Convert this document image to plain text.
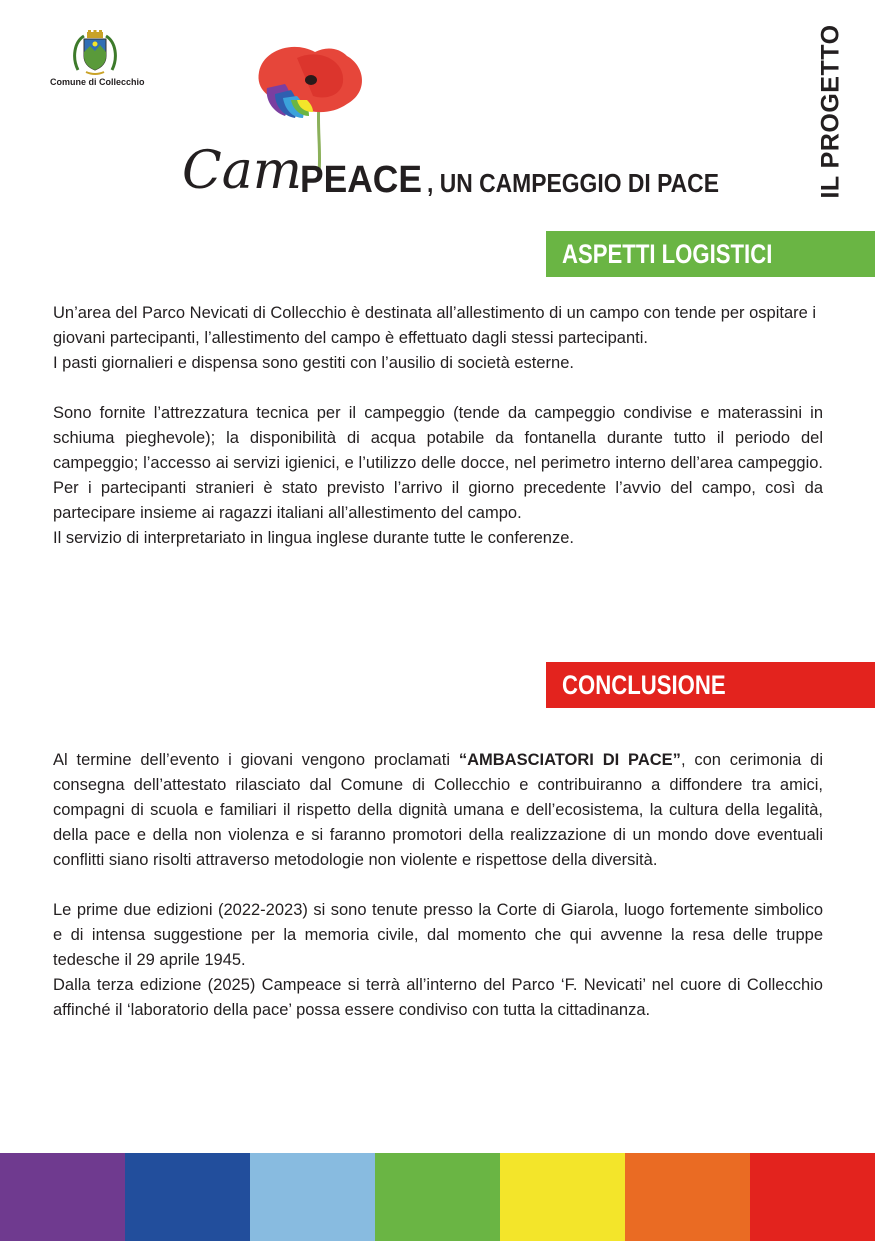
Comune di Collecchio	IL PROGETTO
Cam
PEACE , UN CAMPEGGIO DI PACE
ASPETTI LOGISTICI

Un’area del Parco Nevicati di Collecchio è destinata all’allestimento di un campo con tende per ospitare i giovani partecipanti, l’allestimento del campo è effettuato dagli stessi partecipanti.

I pasti giornalieri e dispensa sono gestiti con l’ausilio di società esterne.

Sono fornite l’attrezzatura tecnica per il campeggio (tende da campeggio condivise e materassini in schiuma pieghevole); la disponibilità di acqua potabile da fontanella durante tutto il periodo del campeggio; l’accesso ai servizi igienici, e l’utilizzo delle docce, nel perimetro interno dell’area campeggio. Per i partecipanti stranieri è stato previsto l’arrivo il giorno precedente l’avvio del campo, così da partecipare insieme ai ragazzi italiani all’allestimento del campo.

Il servizio di interpretariato in lingua inglese durante tutte le conferenze.

CONCLUSIONE

Al termine dell’evento i giovani vengono proclamati “AMBASCIATORI DI PACE”, con cerimonia di consegna dell’attestato rilasciato dal Comune di Collecchio e contribuiranno a diffondere tra amici, compagni di scuola e familiari il rispetto della dignità umana e dell’ecosistema, la cultura della legalità, della pace e della non violenza e si faranno promotori della realizzazione di un mondo dove eventuali conflitti siano risolti attraverso metodologie non violente e rispettose della diversità.

Le prime due edizioni (2022-2023) si sono tenute presso la Corte di Giarola, luogo fortemente simbolico e di intensa suggestione per la memoria civile, dal momento che qui avvenne la resa delle truppe tedesche il 29 aprile 1945.

Dalla terza edizione (2025) Campeace si terrà all’interno del Parco ‘F. Nevicati’ nel cuore di Collecchio affinché il ‘laboratorio della pace’ possa essere condiviso con tutta la cittadinanza.
